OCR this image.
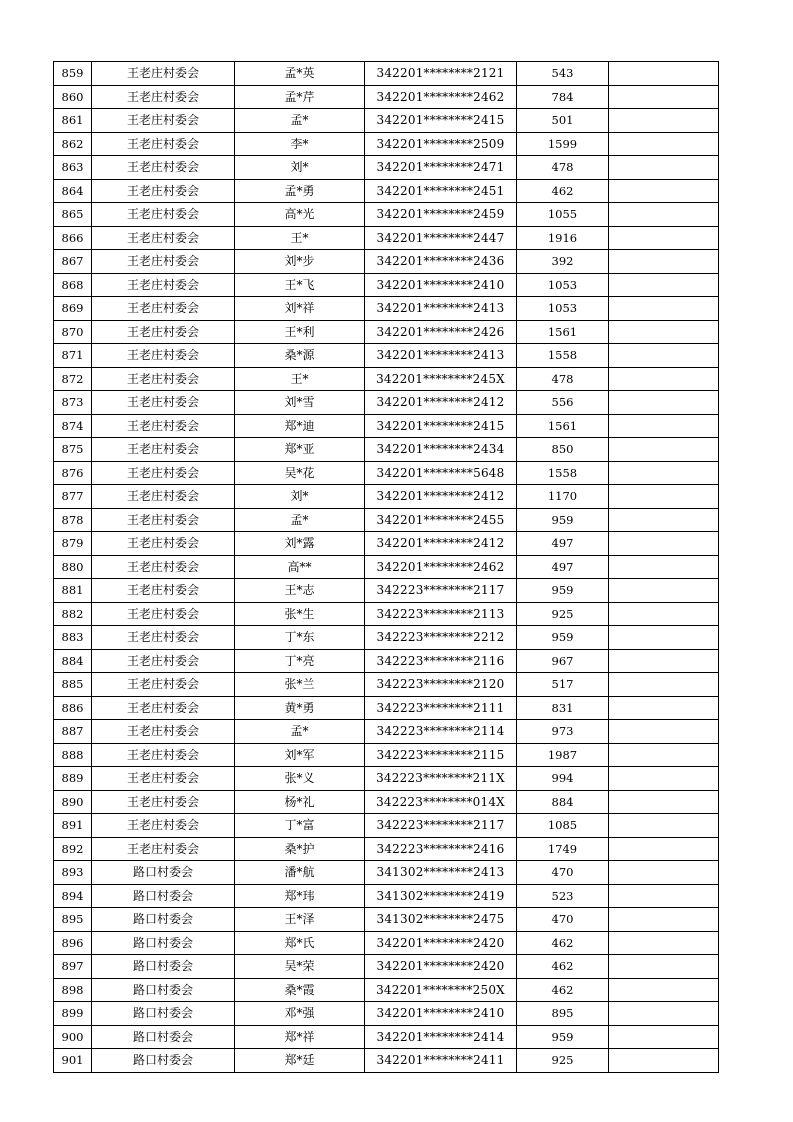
859	王老庄村委会	孟*英	342201********2121	543	
860	王老庄村委会	孟*芹	342201********2462	784	
861	王老庄村委会	孟*	342201********2415	501	
862	王老庄村委会	李*	342201********2509	1599	
863	王老庄村委会	刘*	342201********2471	478	
864	王老庄村委会	孟*勇	342201********2451	462	
865	王老庄村委会	高*光	342201********2459	1055	
866	王老庄村委会	王*	342201********2447	1916	
867	王老庄村委会	刘*步	342201********2436	392	
868	王老庄村委会	王*飞	342201********2410	1053	
869	王老庄村委会	刘*祥	342201********2413	1053	
870	王老庄村委会	王*利	342201********2426	1561	
871	王老庄村委会	桑*源	342201********2413	1558	
872	王老庄村委会	王*	342201********245X	478	
873	王老庄村委会	刘*雪	342201********2412	556	
874	王老庄村委会	郑*迪	342201********2415	1561	
875	王老庄村委会	郑*亚	342201********2434	850	
876	王老庄村委会	吴*花	342201********5648	1558	
877	王老庄村委会	刘*	342201********2412	1170	
878	王老庄村委会	孟*	342201********2455	959	
879	王老庄村委会	刘*露	342201********2412	497	
880	王老庄村委会	高**	342201********2462	497	
881	王老庄村委会	王*志	342223********2117	959	
882	王老庄村委会	张*生	342223********2113	925	
883	王老庄村委会	丁*东	342223********2212	959	
884	王老庄村委会	丁*亮	342223********2116	967	
885	王老庄村委会	张*兰	342223********2120	517	
886	王老庄村委会	黄*勇	342223********2111	831	
887	王老庄村委会	孟*	342223********2114	973	
888	王老庄村委会	刘*军	342223********2115	1987	
889	王老庄村委会	张*义	342223********211X	994	
890	王老庄村委会	杨*礼	342223********014X	884	
891	王老庄村委会	丁*富	342223********2117	1085	
892	王老庄村委会	桑*护	342223********2416	1749	
893	路口村委会	潘*航	341302********2413	470	
894	路口村委会	郑*玮	341302********2419	523	
895	路口村委会	王*泽	341302********2475	470	
896	路口村委会	郑*氏	342201********2420	462	
897	路口村委会	吴*荣	342201********2420	462	
898	路口村委会	桑*霞	342201********250X	462	
899	路口村委会	邓*强	342201********2410	895	
900	路口村委会	郑*祥	342201********2414	959	
901	路口村委会	郑*廷	342201********2411	925	
